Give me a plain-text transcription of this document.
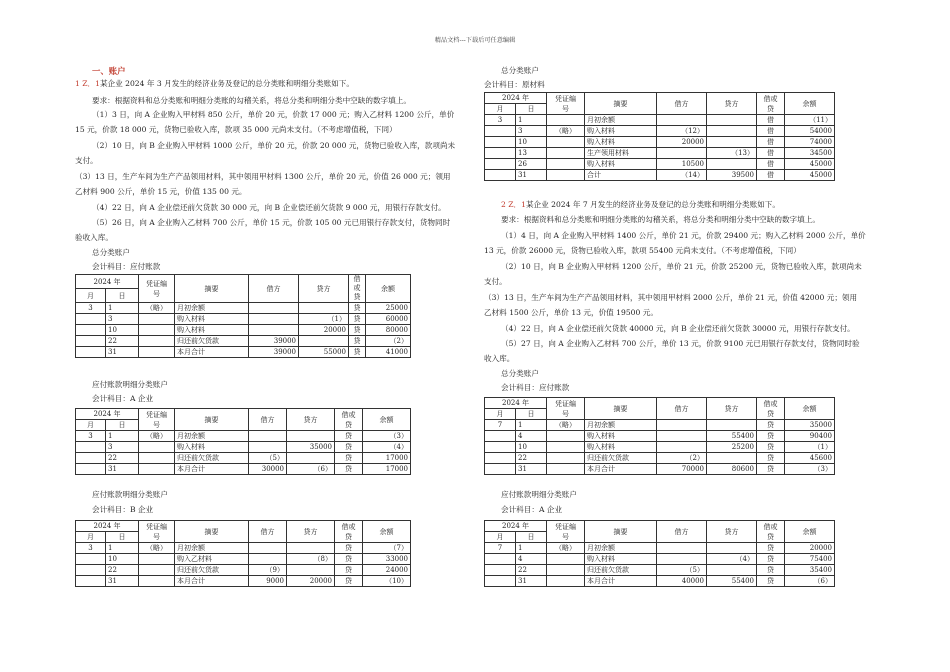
精品文档---下载后可任意编辑
一、账户
1 Z．1某企业 2024 年 3 月发生的经济业务及登记的总分类账和明细分类账如下。
要求：根据资料和总分类账和明细分类账的勾稽关系，将总分类和明细分类中空缺的数字填上。
（1）3 日，向 A 企业购入甲材料 850 公斤，单价 20 元，价款 17 000 元；购入乙材料 1200 公斤，单价
15 元，价款 18 000 元，货物已验收入库，款项 35 000 元尚未支付。（不考虑增值税，下同）
（2）10 日，向 B 企业购入甲材料 1000 公斤，单价 20 元，价款 20 000 元，货物已验收入库，款项尚未
支付。
（3）13 日，生产车间为生产产品领用材料，其中领用甲材料 1300 公斤，单价 20 元，价值 26 000 元；领用
乙材料 900 公斤，单价 15 元，价值 135 00 元。
（4）22 日，向 A 企业偿还前欠货款 30 000 元，向 B 企业偿还前欠货款 9 000 元，用银行存款支付。
（5）26 日，向 A 企业购入乙材料 700 公斤，单价 15 元，价款 105 00 元已用银行存款支付，货物同时
验收入库。
总分类账户
会计科目：应付账款
2024 年		凭证编
号	摘要	借方	贷方	借
或
贷	余额
月	日						
3	1	（略）	月初余额			贷	25000
	3		购入材料		（1）	贷	60000
	10		购入材料		20000	贷	80000
	22		归还前欠货款	39000		贷	（2）
	31		本月合计	39000	55000	贷	41000
应付账款明细分类账户
会计科目：A 企业
2024 年		凭证编
号	摘要	借方	贷方	借或
贷	余额
月	日						
3	1	（略）	月初余额			贷	（3）
	3		购入材料		35000	贷	（4）
	22		归还前欠货款	（5）		贷	17000
	31		本月合计	30000	（6）	贷	17000
应付账款明细分类账户
会计科目：B 企业
2024 年		凭证编
号	摘要	借方	贷方	借或
贷	余额
月	日						
3	1	（略）	月初余额			贷	（7）
	10		购入乙材料		（8）	贷	33000
	22		归还前欠货款	（9）		贷	24000
	31		本月合计	9000	20000	贷	（10）
总分类账户
会计科目：原材料
2024 年		凭证编
号	摘要	借方	贷方	借或
贷	余额
月	日						
3	1		月初余额			借	（11）
	3	（略）	购入材料	（12）		借	54000
	10		购入材料	20000		借	74000
	13		生产领用材料		（13）	借	34500
	26		购入材料	10500		借	45000
	31		合计	（14）	39500	借	45000
2 Z．1某企业 2024 年 7 月发生的经济业务及登记的总分类账和明细分类账如下。
要求：根据资料和总分类账和明细分类账的勾稽关系，将总分类和明细分类中空缺的数字填上。
（1）4 日，向 A 企业购入甲材料 1400 公斤，单价 21 元，价款 29400 元；购入乙材料 2000 公斤，单价
13 元，价款 26000 元，货物已验收入库，款项 55400 元尚未支付。（不考虑增值税，下同）
（2）10 日，向 B 企业购入甲材料 1200 公斤，单价 21 元，价款 25200 元，货物已验收入库，款项尚未
支付。
（3）13 日，生产车间为生产产品领用材料，其中领用甲材料 2000 公斤，单价 21 元，价值 42000 元；领用
乙材料 1500 公斤，单价 13 元，价值 19500 元。
（4）22 日，向 A 企业偿还前欠货款 40000 元，向 B 企业偿还前欠货款 30000 元，用银行存款支付。
（5）27 日，向 A 企业购入乙材料 700 公斤，单价 13 元，价款 9100 元已用银行存款支付，货物同时验
收入库。
总分类账户
会计科目：应付账款
2024 年		凭证编
号	摘要	借方	贷方	借或
贷	余额
月	日						
7	1	（略）	月初余额			贷	35000
	4		购入材料		55400	贷	90400
	10		购入材料		25200	贷	（1）
	22		归还前欠货款	（2）		贷	45600
	31		本月合计	70000	80600	贷	（3）
应付账款明细分类账户
会计科目：A 企业
2024 年		凭证编
号	摘要	借方	贷方	借或
贷	余额
月	日						
7	1	（略）	月初余额			贷	20000
	4		购入材料		（4）	贷	75400
	22		归还前欠货款	（5）		贷	35400
	31		本月合计	40000	55400	贷	（6）
